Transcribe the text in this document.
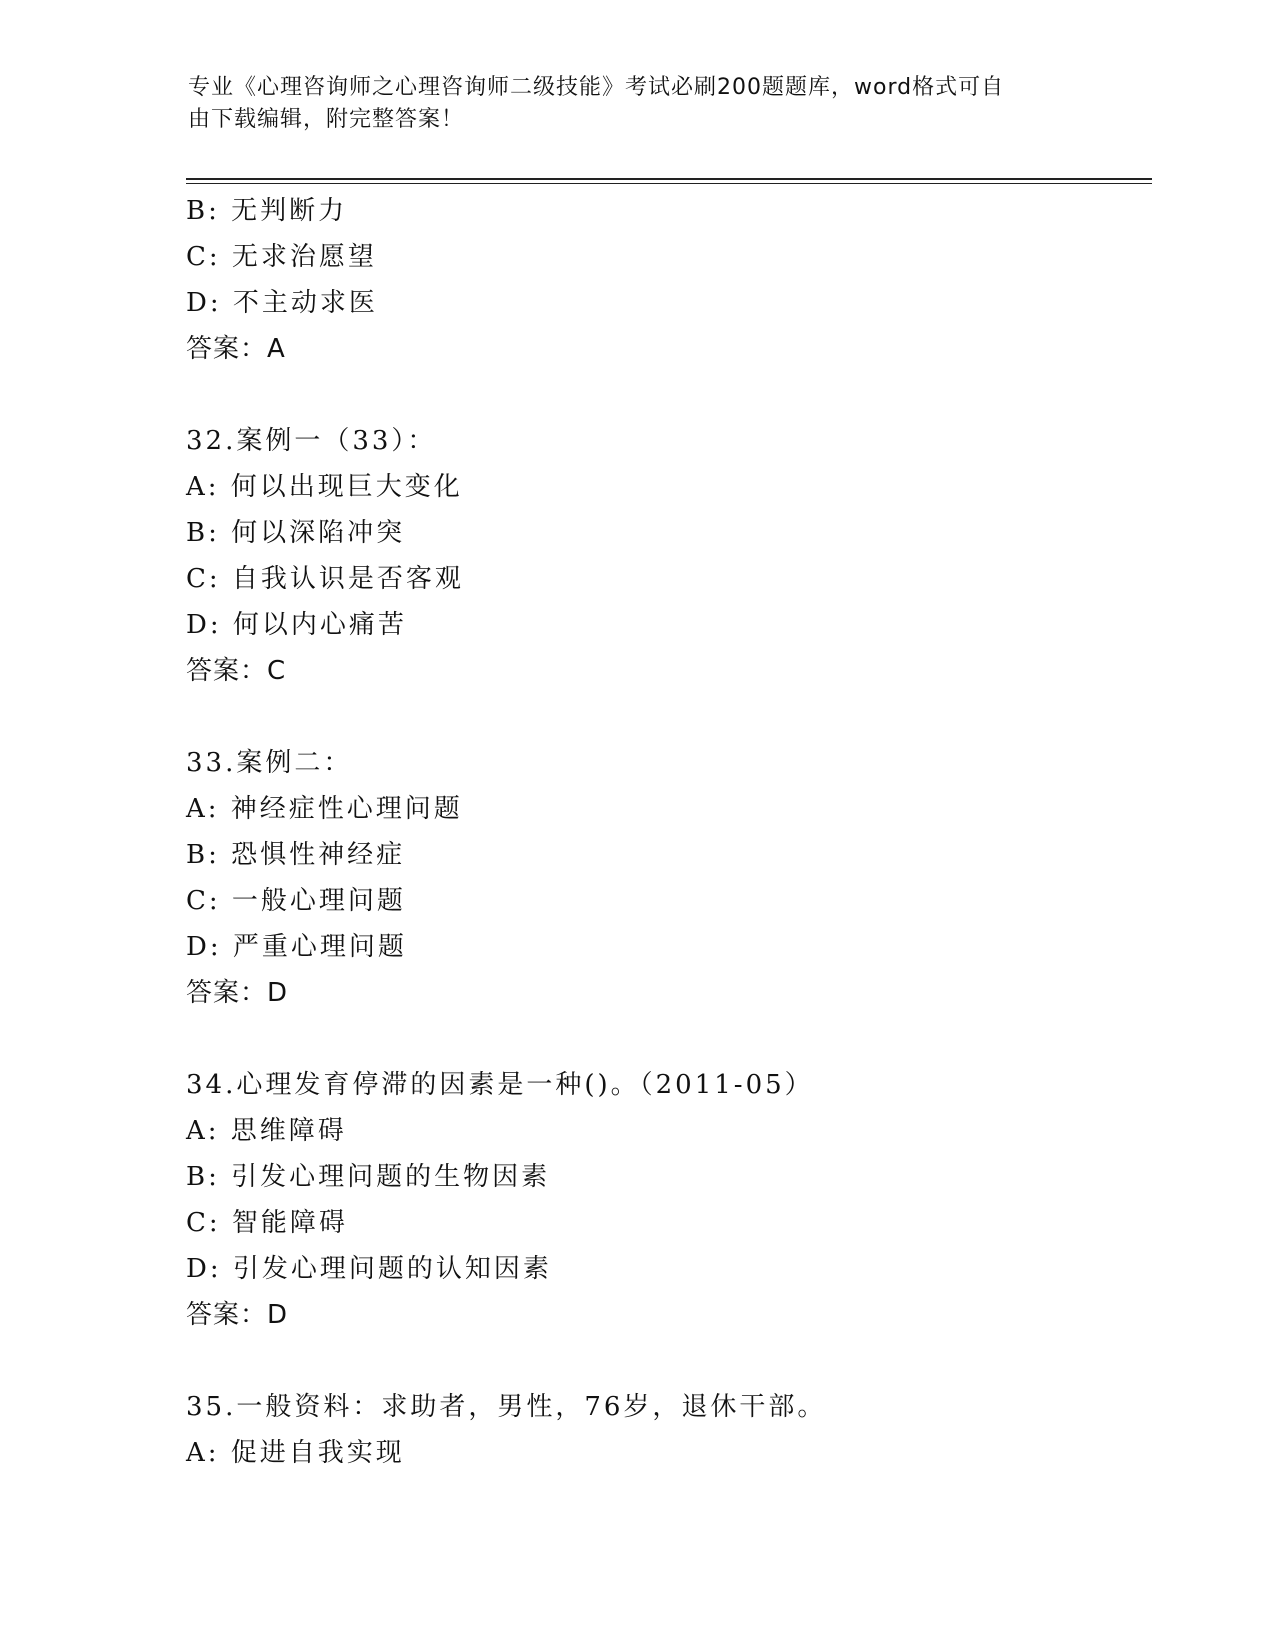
专业《心理咨询师之心理咨询师二级技能》考试必刷200题题库，word格式可自
由下载编辑，附完整答案！
B: 无判断力
C: 无求治愿望
D: 不主动求医
答案：A
32.案例一（33）：
A: 何以出现巨大变化
B: 何以深陷冲突
C: 自我认识是否客观
D: 何以内心痛苦
答案：C
33.案例二：
A: 神经症性心理问题
B: 恐惧性神经症
C: 一般心理问题
D: 严重心理问题
答案：D
34.心理发育停滞的因素是一种()。（2011-05）
A: 思维障碍
B: 引发心理问题的生物因素
C: 智能障碍
D: 引发心理问题的认知因素
答案：D
35.一般资料：求助者，男性，76岁，退休干部。
A: 促进自我实现
